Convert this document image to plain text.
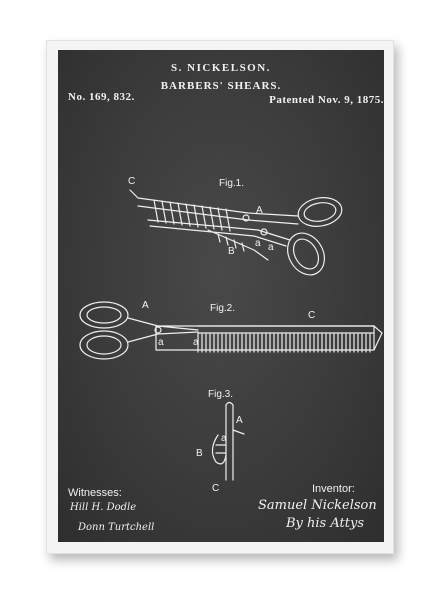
S. NICKELSON.
BARBERS' SHEARS.
No. 169, 832.	Patented Nov. 9, 1875.
Fig.1.
C
A
B
a a
Fig.2.
A
C
a	a
Fig.3.
A
a
B
C
Witnesses:
Hill H. Dodle
Donn Turtchell
Inventor:
Samuel Nickelson
By his Attys
